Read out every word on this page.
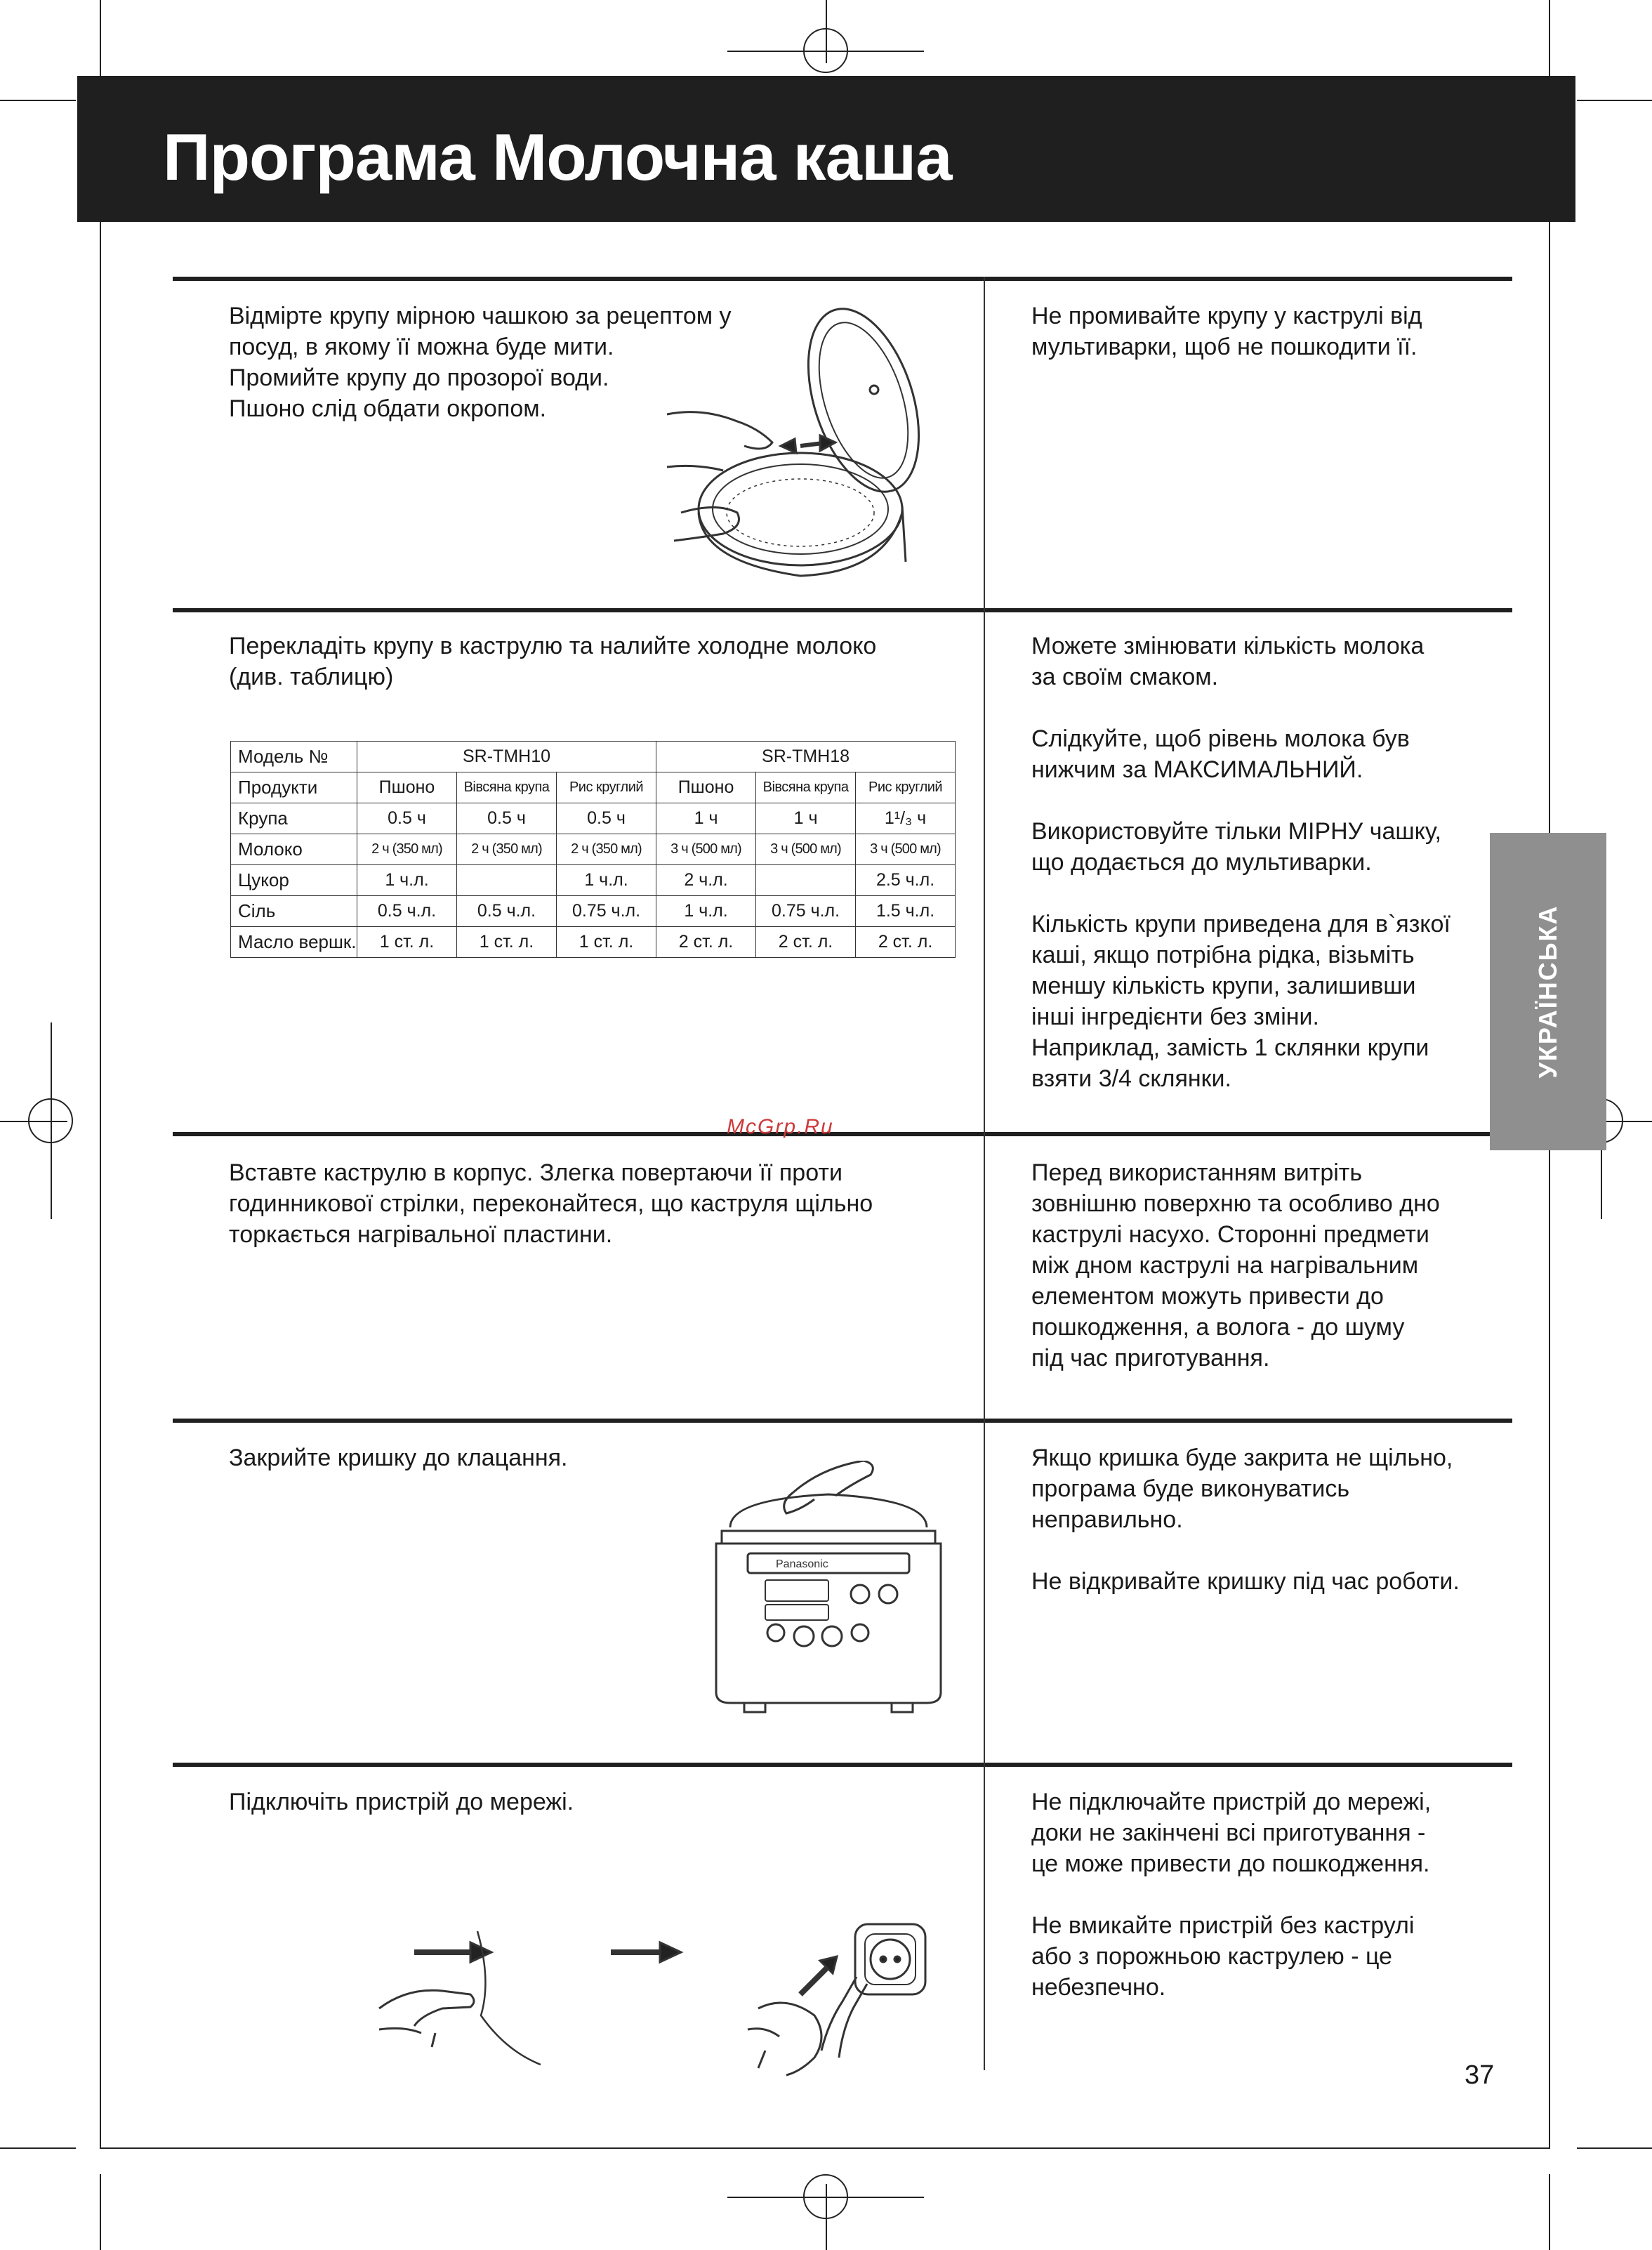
Програма Молочна каша

Відмірте крупу мірною чашкою за рецептом у

посуд, в якому її можна буде мити.

Промийте крупу до прозорої води.

Пшоно слід обдати окропом.

Не промивайте крупу у каструлі від

мультиварки, щоб не пошкодити її.

Перекладіть крупу в каструлю та налийте холодне молоко

(див. таблицю)

Можете змінювати кількість молока

за своїм смаком.

Слідкуйте, щоб рівень молока був

нижчим за МАКСИМАЛЬНИЙ.

Використовуйте тільки МІРНУ чашку,

що додається до мультиварки.

Кількість крупи приведена для в`язкої

каші, якщо потрібна рідка, візьміть

меншу кількість крупи, залишивши

інші інгредієнти без зміни.

Наприклад, замість 1 склянки крупи

взяти 3/4 склянки.

Модель №	SR-TMH10			SR-TMH18		
Продукти	Пшоно	Вівсяна крупа	Рис круглий	Пшоно	Вівсяна крупа	Рис круглий
Крупа	0.5 ч	0.5 ч	0.5 ч	1 ч	1 ч	1¹/₃ ч
Молоко	2 ч (350 мл)	2 ч (350 мл)	2 ч (350 мл)	3 ч (500 мл)	3 ч (500 мл)	3 ч (500 мл)
Цукор	1 ч.л.		1 ч.л.	2 ч.л.		2.5 ч.л.
Сіль	0.5 ч.л.	0.5 ч.л.	0.75 ч.л.	1 ч.л.	0.75 ч.л.	1.5 ч.л.
Масло вершк.	1 ст. л.	1 ст. л.	1 ст. л.	2 ст. л.	2 ст. л.	2 ст. л.	УКРАЇНСЬКА
McGrp.Ru

Вставте каструлю в корпус. Злегка повертаючи її проти

годинникової стрілки, переконайтеся, що каструля щільно

торкається нагрівальної пластини.

Перед використанням витріть

зовнішню поверхню та особливо дно

каструлі насухо. Сторонні предмети

між дном каструлі на нагрівальним

елементом можуть привести до

пошкодження, а волога - до шуму

під час приготування.

Закрийте кришку до клацання.	Якщо кришка буде закрита не щільно,

програма буде виконуватись

неправильно.

Не відкривайте кришку під час роботи.

Panasonic

Підключіть пристрій до мережі.	Не підключайте пристрій до мережі,

доки не закінчені всі приготування -

це може привести до пошкодження.

Не вмикайте пристрій без каструлі

або з порожньою каструлею - це

небезпечно.

37
